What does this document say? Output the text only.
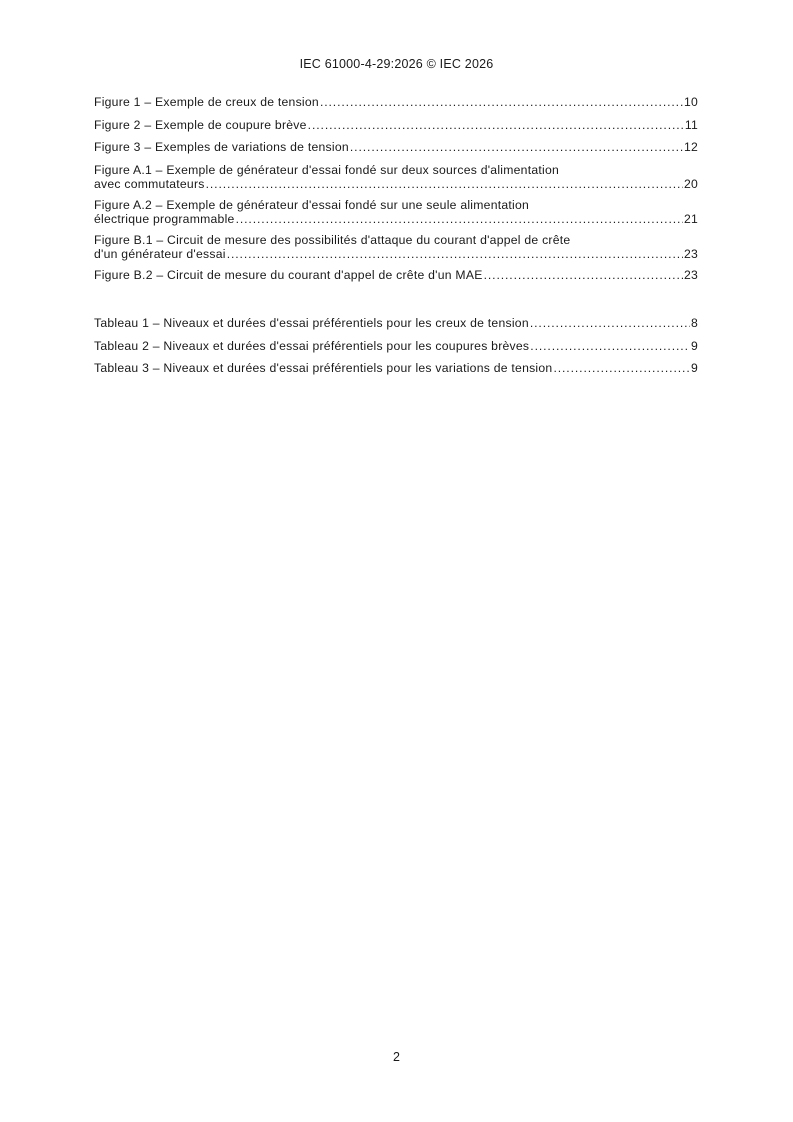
IEC 61000-4-29:2026 © IEC 2026
Figure 1 – Exemple de creux de tension .....	10
Figure 2 – Exemple de coupure brève .....	11
Figure 3 – Exemples de variations de tension .....	12
Figure A.1 – Exemple de générateur d'essai fondé sur deux sources d'alimentation
avec commutateurs .....	20
Figure A.2 – Exemple de générateur d'essai fondé sur une seule alimentation
électrique programmable .....	21
Figure B.1 – Circuit de mesure des possibilités d'attaque du courant d'appel de crête
d'un générateur d'essai .....	23
Figure B.2 – Circuit de mesure du courant d'appel de crête d'un MAE .....	23
Tableau 1 – Niveaux et durées d'essai préférentiels pour les creux de tension .....	8
Tableau 2 – Niveaux et durées d'essai préférentiels pour les coupures brèves .....	9
Tableau 3 – Niveaux et durées d'essai préférentiels pour les variations de tension .....	9
2
